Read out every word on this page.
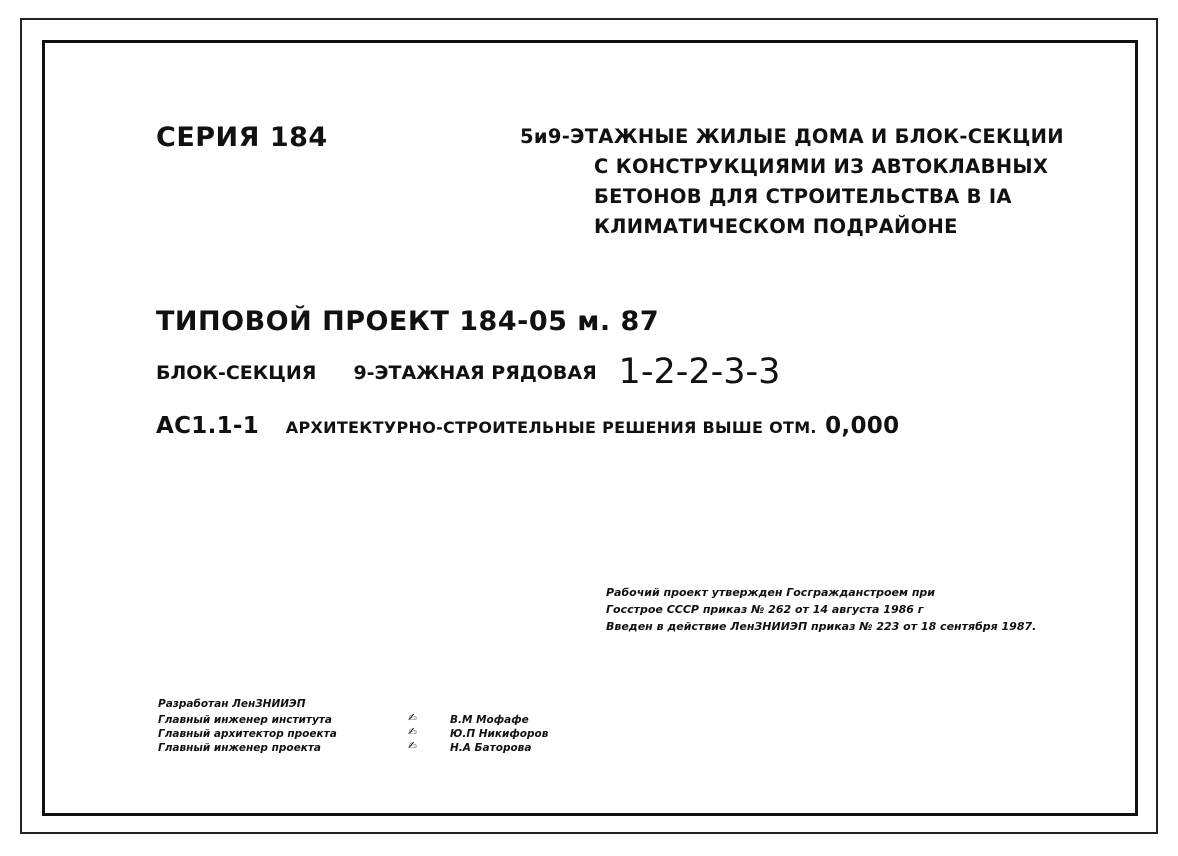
СЕРИЯ 184	5и9-ЭТАЖНЫЕ ЖИЛЫЕ ДОМА И БЛОК-СЕКЦИИ
С КОНСТРУКЦИЯМИ ИЗ АВТОКЛАВНЫХ
БЕТОНОВ ДЛЯ СТРОИТЕЛЬСТВА В IА
КЛИМАТИЧЕСКОМ ПОДРАЙОНЕ
ТИПОВОЙ ПРОЕКТ 184-05 м. 87
БЛОК-СЕКЦИЯ 9-ЭТАЖНАЯ РЯДОВАЯ 1-2-2-3-3
АС1.1-1 АРХИТЕКТУРНО-СТРОИТЕЛЬНЫЕ РЕШЕНИЯ ВЫШЕ ОТМ. 0,000
Рабочий проект утвержден Госгражданстроем при
Госстрое СССР приказ № 262 от 14 августа 1986 г
Введен в действие ЛенЗНИИЭП приказ № 223 от 18 сентября 1987.
Разработан ЛенЗНИИЭП
Главный инженер института	✍	В.М Мофафе
Главный архитектор проекта	✍	Ю.П Никифоров
Главный инженер проекта	✍	Н.А Баторова
